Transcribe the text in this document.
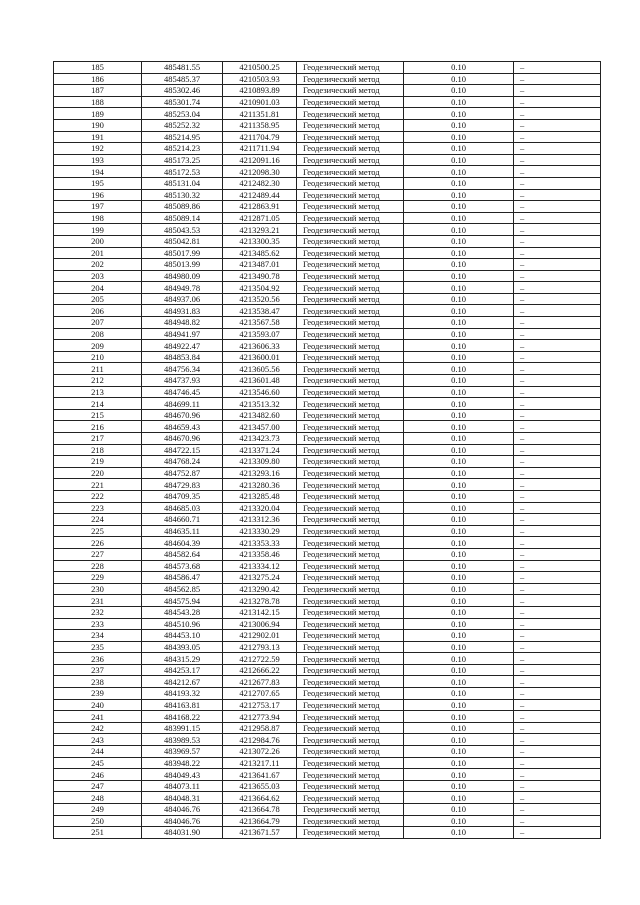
185	485481.55	4210500.25	Геодезический метод	0.10	–
186	485485.37	4210503.93	Геодезический метод	0.10	–
187	485302.46	4210893.89	Геодезический метод	0.10	–
188	485301.74	4210901.03	Геодезический метод	0.10	–
189	485253.04	4211351.81	Геодезический метод	0.10	–
190	485252.32	4211358.95	Геодезический метод	0.10	–
191	485214.95	4211704.79	Геодезический метод	0.10	–
192	485214.23	4211711.94	Геодезический метод	0.10	–
193	485173.25	4212091.16	Геодезический метод	0.10	–
194	485172.53	4212098.30	Геодезический метод	0.10	–
195	485131.04	4212482.30	Геодезический метод	0.10	–
196	485130.32	4212489.44	Геодезический метод	0.10	–
197	485089.86	4212863.91	Геодезический метод	0.10	–
198	485089.14	4212871.05	Геодезический метод	0.10	–
199	485043.53	4213293.21	Геодезический метод	0.10	–
200	485042.81	4213300.35	Геодезический метод	0.10	–
201	485017.99	4213485.62	Геодезический метод	0.10	–
202	485013.99	4213487.01	Геодезический метод	0.10	–
203	484980.09	4213490.78	Геодезический метод	0.10	–
204	484949.78	4213504.92	Геодезический метод	0.10	–
205	484937.06	4213520.56	Геодезический метод	0.10	–
206	484931.83	4213538.47	Геодезический метод	0.10	–
207	484948.82	4213567.58	Геодезический метод	0.10	–
208	484941.97	4213593.07	Геодезический метод	0.10	–
209	484922.47	4213606.33	Геодезический метод	0.10	–
210	484853.84	4213600.01	Геодезический метод	0.10	–
211	484756.34	4213605.56	Геодезический метод	0.10	–
212	484737.93	4213601.48	Геодезический метод	0.10	–
213	484746.45	4213546.60	Геодезический метод	0.10	–
214	484699.11	4213513.32	Геодезический метод	0.10	–
215	484670.96	4213482.60	Геодезический метод	0.10	–
216	484659.43	4213457.00	Геодезический метод	0.10	–
217	484670.96	4213423.73	Геодезический метод	0.10	–
218	484722.15	4213371.24	Геодезический метод	0.10	–
219	484768.24	4213309.80	Геодезический метод	0.10	–
220	484752.87	4213293.16	Геодезический метод	0.10	–
221	484729.83	4213280.36	Геодезический метод	0.10	–
222	484709.35	4213285.48	Геодезический метод	0.10	–
223	484685.03	4213320.04	Геодезический метод	0.10	–
224	484660.71	4213312.36	Геодезический метод	0.10	–
225	484635.11	4213330.29	Геодезический метод	0.10	–
226	484604.39	4213353.33	Геодезический метод	0.10	–
227	484582.64	4213358.46	Геодезический метод	0.10	–
228	484573.68	4213334.12	Геодезический метод	0.10	–
229	484586.47	4213275.24	Геодезический метод	0.10	–
230	484562.85	4213290.42	Геодезический метод	0.10	–
231	484575.94	4213278.78	Геодезический метод	0.10	–
232	484543.28	4213142.15	Геодезический метод	0.10	–
233	484510.96	4213006.94	Геодезический метод	0.10	–
234	484453.10	4212902.01	Геодезический метод	0.10	–
235	484393.05	4212793.13	Геодезический метод	0.10	–
236	484315.29	4212722.59	Геодезический метод	0.10	–
237	484253.17	4212666.22	Геодезический метод	0.10	–
238	484212.67	4212677.83	Геодезический метод	0.10	–
239	484193.32	4212707.65	Геодезический метод	0.10	–
240	484163.81	4212753.17	Геодезический метод	0.10	–
241	484168.22	4212773.94	Геодезический метод	0.10	–
242	483991.15	4212958.87	Геодезический метод	0.10	–
243	483989.53	4212984.76	Геодезический метод	0.10	–
244	483969.57	4213072.26	Геодезический метод	0.10	–
245	483948.22	4213217.11	Геодезический метод	0.10	–
246	484049.43	4213641.67	Геодезический метод	0.10	–
247	484073.11	4213655.03	Геодезический метод	0.10	–
248	484048.31	4213664.62	Геодезический метод	0.10	–
249	484046.76	4213664.78	Геодезический метод	0.10	–
250	484046.76	4213664.79	Геодезический метод	0.10	–
251	484031.90	4213671.57	Геодезический метод	0.10	–
